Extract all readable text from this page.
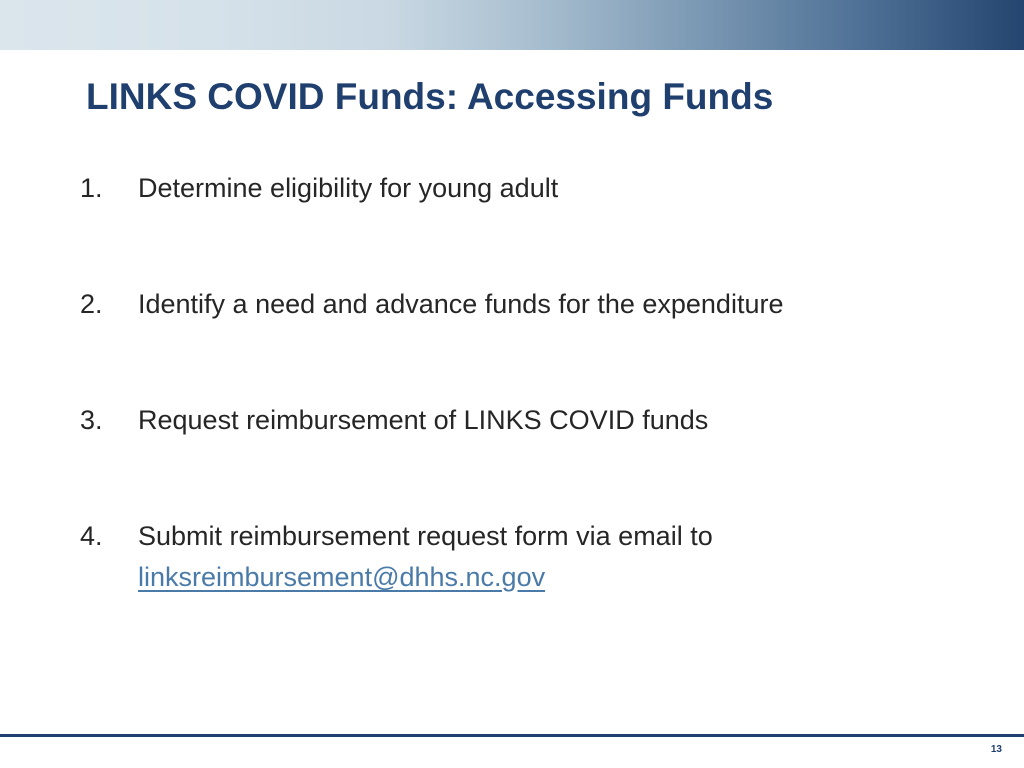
LINKS COVID Funds: Accessing Funds
1.	Determine eligibility for young adult
2.	Identify a need and advance funds for the expenditure
3.	Request reimbursement of LINKS COVID funds
4.	Submit reimbursement request form via email to
linksreimbursement@dhhs.nc.gov
13
